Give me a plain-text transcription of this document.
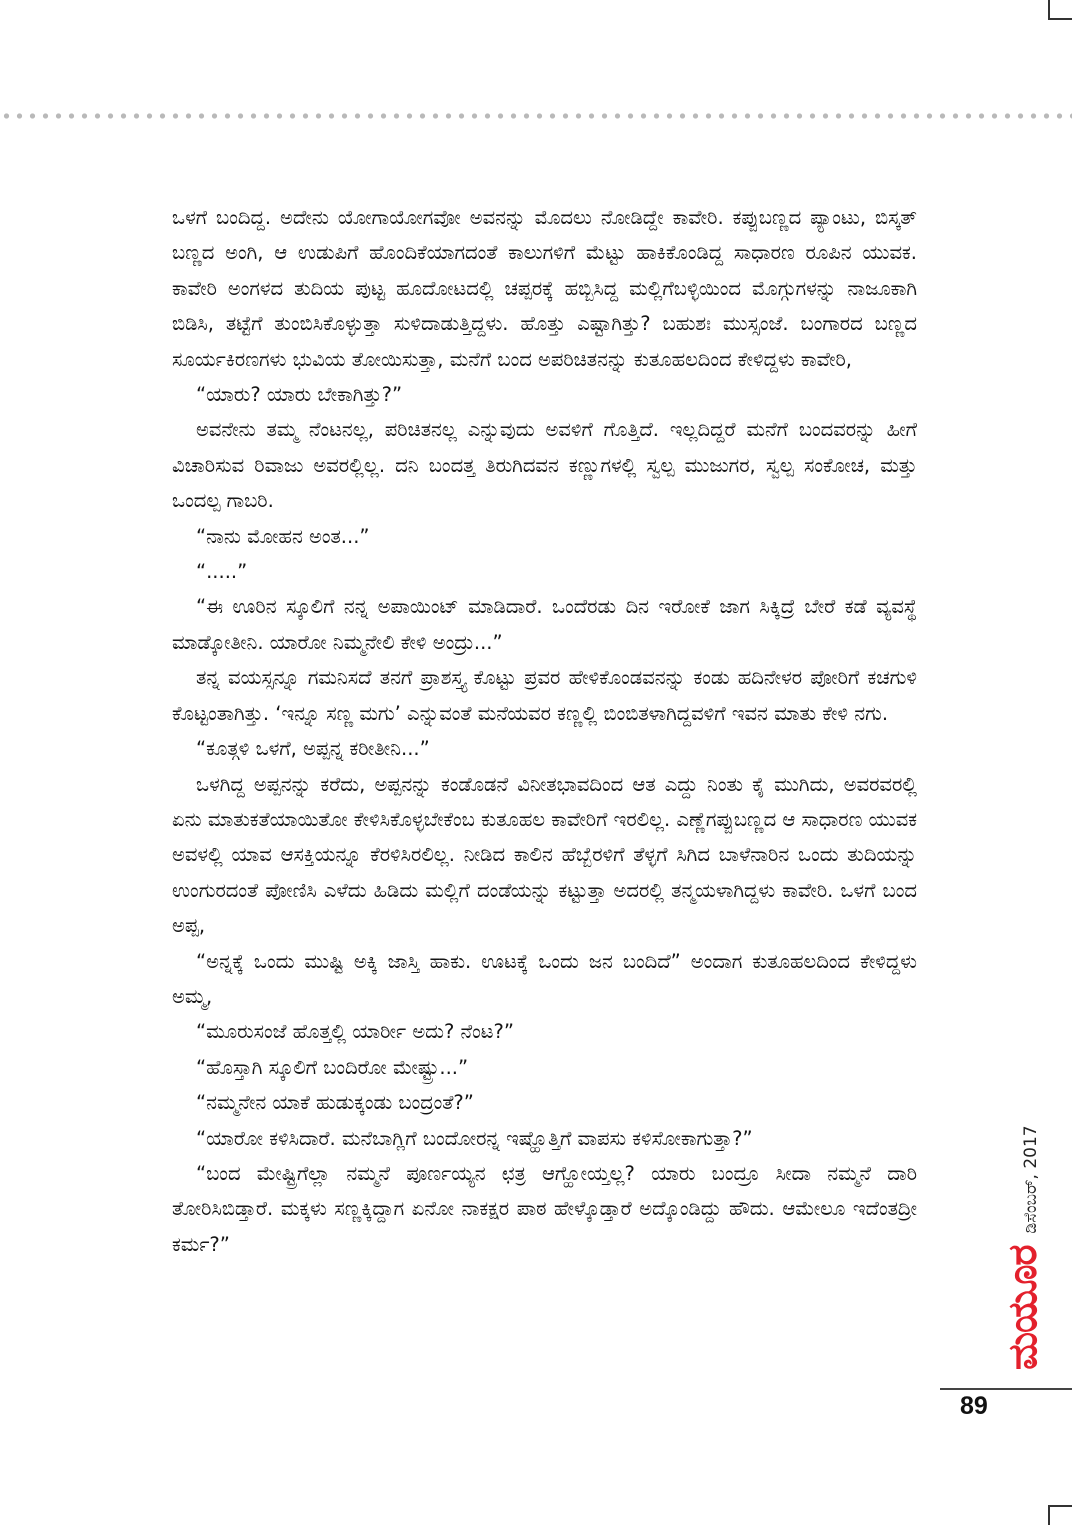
ಒಳಗೆ ಬಂದಿದ್ದ. ಅದೇನು ಯೋಗಾಯೋಗವೋ ಅವನನ್ನು ಮೊದಲು ನೋಡಿದ್ದೇ ಕಾವೇರಿ. ಕಪ್ಪುಬಣ್ಣದ ಪ್ಯಾಂಟು, ಬಿಸ್ಕತ್ ಬಣ್ಣದ ಅಂಗಿ, ಆ ಉಡುಪಿಗೆ ಹೊಂದಿಕೆಯಾಗದಂತೆ ಕಾಲುಗಳಿಗೆ ಮೆಟ್ಟು ಹಾಕಿಕೊಂಡಿದ್ದ ಸಾಧಾರಣ ರೂಪಿನ ಯುವಕ. ಕಾವೇರಿ ಅಂಗಳದ ತುದಿಯ ಪುಟ್ಟ ಹೂದೋಟದಲ್ಲಿ ಚಪ್ಪರಕ್ಕೆ ಹಬ್ಬಿಸಿದ್ದ ಮಲ್ಲಿಗೆಬಳ್ಳಿಯಿಂದ ಮೊಗ್ಗುಗಳನ್ನು ನಾಜೂಕಾಗಿ ಬಿಡಿಸಿ, ತಟ್ಟೆಗೆ ತುಂಬಿಸಿಕೊಳ್ಳುತ್ತಾ ಸುಳಿದಾಡುತ್ತಿದ್ದಳು. ಹೊತ್ತು ಎಷ್ಟಾಗಿತ್ತು? ಬಹುಶಃ ಮುಸ್ಸಂಜೆ. ಬಂಗಾರದ ಬಣ್ಣದ ಸೂರ್ಯಕಿರಣಗಳು ಭುವಿಯ ತೋಯಿಸುತ್ತಾ, ಮನೆಗೆ ಬಂದ ಅಪರಿಚಿತನನ್ನು ಕುತೂಹಲದಿಂದ ಕೇಳಿದ್ದಳು ಕಾವೇರಿ,

“ಯಾರು? ಯಾರು ಬೇಕಾಗಿತ್ತು?”

ಅವನೇನು ತಮ್ಮ ನೆಂಟನಲ್ಲ, ಪರಿಚಿತನಲ್ಲ ಎನ್ನುವುದು ಅವಳಿಗೆ ಗೊತ್ತಿದೆ. ಇಲ್ಲದಿದ್ದರೆ ಮನೆಗೆ ಬಂದವರನ್ನು ಹೀಗೆ ವಿಚಾರಿಸುವ ರಿವಾಜು ಅವರಲ್ಲಿಲ್ಲ. ದನಿ ಬಂದತ್ತ ತಿರುಗಿದವನ ಕಣ್ಣುಗಳಲ್ಲಿ ಸ್ವಲ್ಪ ಮುಜುಗರ, ಸ್ವಲ್ಪ ಸಂಕೋಚ, ಮತ್ತು ಒಂದಲ್ಪ ಗಾಬರಿ.

“ನಾನು ಮೋಹನ ಅಂತ...”

“.....”

“ಈ ಊರಿನ ಸ್ಕೂಲಿಗೆ ನನ್ನ ಅಪಾಯಿಂಟ್ ಮಾಡಿದಾರೆ. ಒಂದೆರಡು ದಿನ ಇರೋಕೆ ಜಾಗ ಸಿಕ್ಕಿದ್ರೆ ಬೇರೆ ಕಡೆ ವ್ಯವಸ್ಥೆ ಮಾಡ್ಕೋತೀನಿ. ಯಾರೋ ನಿಮ್ಮನೇಲಿ ಕೇಳಿ ಅಂದ್ರು...”

ತನ್ನ ವಯಸ್ಸನ್ನೂ ಗಮನಿಸದೆ ತನಗೆ ಪ್ರಾಶಸ್ತ್ಯ ಕೊಟ್ಟು ಪ್ರವರ ಹೇಳಿಕೊಂಡವನನ್ನು ಕಂಡು ಹದಿನೇಳರ ಪೋರಿಗೆ ಕಚಗುಳಿ ಕೊಟ್ಟಂತಾಗಿತ್ತು. ‘ಇನ್ನೂ ಸಣ್ಣ ಮಗು’ ಎನ್ನುವಂತೆ ಮನೆಯವರ ಕಣ್ಣಲ್ಲಿ ಬಿಂಬಿತಳಾಗಿದ್ದವಳಿಗೆ ಇವನ ಮಾತು ಕೇಳಿ ನಗು.

“ಕೂತ್ಗಳಿ ಒಳಗೆ, ಅಪ್ಪನ್ನ ಕರೀತೀನಿ...”

ಒಳಗಿದ್ದ ಅಪ್ಪನನ್ನು ಕರೆದು, ಅಪ್ಪನನ್ನು ಕಂಡೊಡನೆ ವಿನೀತಭಾವದಿಂದ ಆತ ಎದ್ದು ನಿಂತು ಕೈ ಮುಗಿದು, ಅವರವರಲ್ಲಿ ಏನು ಮಾತುಕತೆಯಾಯಿತೋ ಕೇಳಿಸಿಕೊಳ್ಳಬೇಕೆಂಬ ಕುತೂಹಲ ಕಾವೇರಿಗೆ ಇರಲಿಲ್ಲ. ಎಣ್ಣೆಗಪ್ಪುಬಣ್ಣದ ಆ ಸಾಧಾರಣ ಯುವಕ ಅವಳಲ್ಲಿ ಯಾವ ಆಸಕ್ತಿಯನ್ನೂ ಕೆರಳಿಸಿರಲಿಲ್ಲ. ನೀಡಿದ ಕಾಲಿನ ಹೆಬ್ಬೆರಳಿಗೆ ತೆಳ್ಳಗೆ ಸಿಗಿದ ಬಾಳೆನಾರಿನ ಒಂದು ತುದಿಯನ್ನು ಉಂಗುರದಂತೆ ಪೋಣಿಸಿ ಎಳೆದು ಹಿಡಿದು ಮಲ್ಲಿಗೆ ದಂಡೆಯನ್ನು ಕಟ್ಟುತ್ತಾ ಅದರಲ್ಲಿ ತನ್ಮಯಳಾಗಿದ್ದಳು ಕಾವೇರಿ. ಒಳಗೆ ಬಂದ ಅಪ್ಪ,

“ಅನ್ನಕ್ಕೆ ಒಂದು ಮುಷ್ಟಿ ಅಕ್ಕಿ ಜಾಸ್ತಿ ಹಾಕು. ಊಟಕ್ಕೆ ಒಂದು ಜನ ಬಂದಿದೆ” ಅಂದಾಗ ಕುತೂಹಲದಿಂದ ಕೇಳಿದ್ದಳು ಅಮ್ಮ,

“ಮೂರುಸಂಜೆ ಹೊತ್ತಲ್ಲಿ ಯಾರ್ರೀ ಅದು? ನೆಂಟ?”

“ಹೊಸ್ತಾಗಿ ಸ್ಕೂಲಿಗೆ ಬಂದಿರೋ ಮೇಷ್ಟ್ರು...”

“ನಮ್ಮನೇನ ಯಾಕೆ ಹುಡುಕ್ಕಂಡು ಬಂದ್ರಂತೆ?”

“ಯಾರೋ ಕಳಿಸಿದಾರೆ. ಮನೆಬಾಗ್ಲಿಗೆ ಬಂದೋರನ್ನ ಇಷ್ಹೊತ್ತಿಗೆ ವಾಪಸು ಕಳಿಸೋಕಾಗುತ್ತಾ?”

“ಬಂದ ಮೇಷ್ಟ್ರಿಗೆಲ್ಲಾ ನಮ್ಮನೆ ಪೂರ್ಣಯ್ಯನ ಛತ್ರ ಆಗ್ಹೋಯ್ತಲ್ಲ? ಯಾರು ಬಂದ್ರೂ ಸೀದಾ ನಮ್ಮನೆ ದಾರಿ ತೋರಿಸಿಬಿಡ್ತಾರೆ. ಮಕ್ಕಳು ಸಣ್ಣಕ್ಕಿದ್ದಾಗ ಏನೋ ನಾಕಕ್ಷರ ಪಾಠ ಹೇಳ್ಕೊಡ್ತಾರೆ ಅದ್ಕೊಂಡಿದ್ದು ಹೌದು. ಆಮೇಲೂ ಇದೆಂತದ್ರೀ ಕರ್ಮ?”

ಮಯೂರ
ಡಿಸೆಂಬರ್, 2017
89
